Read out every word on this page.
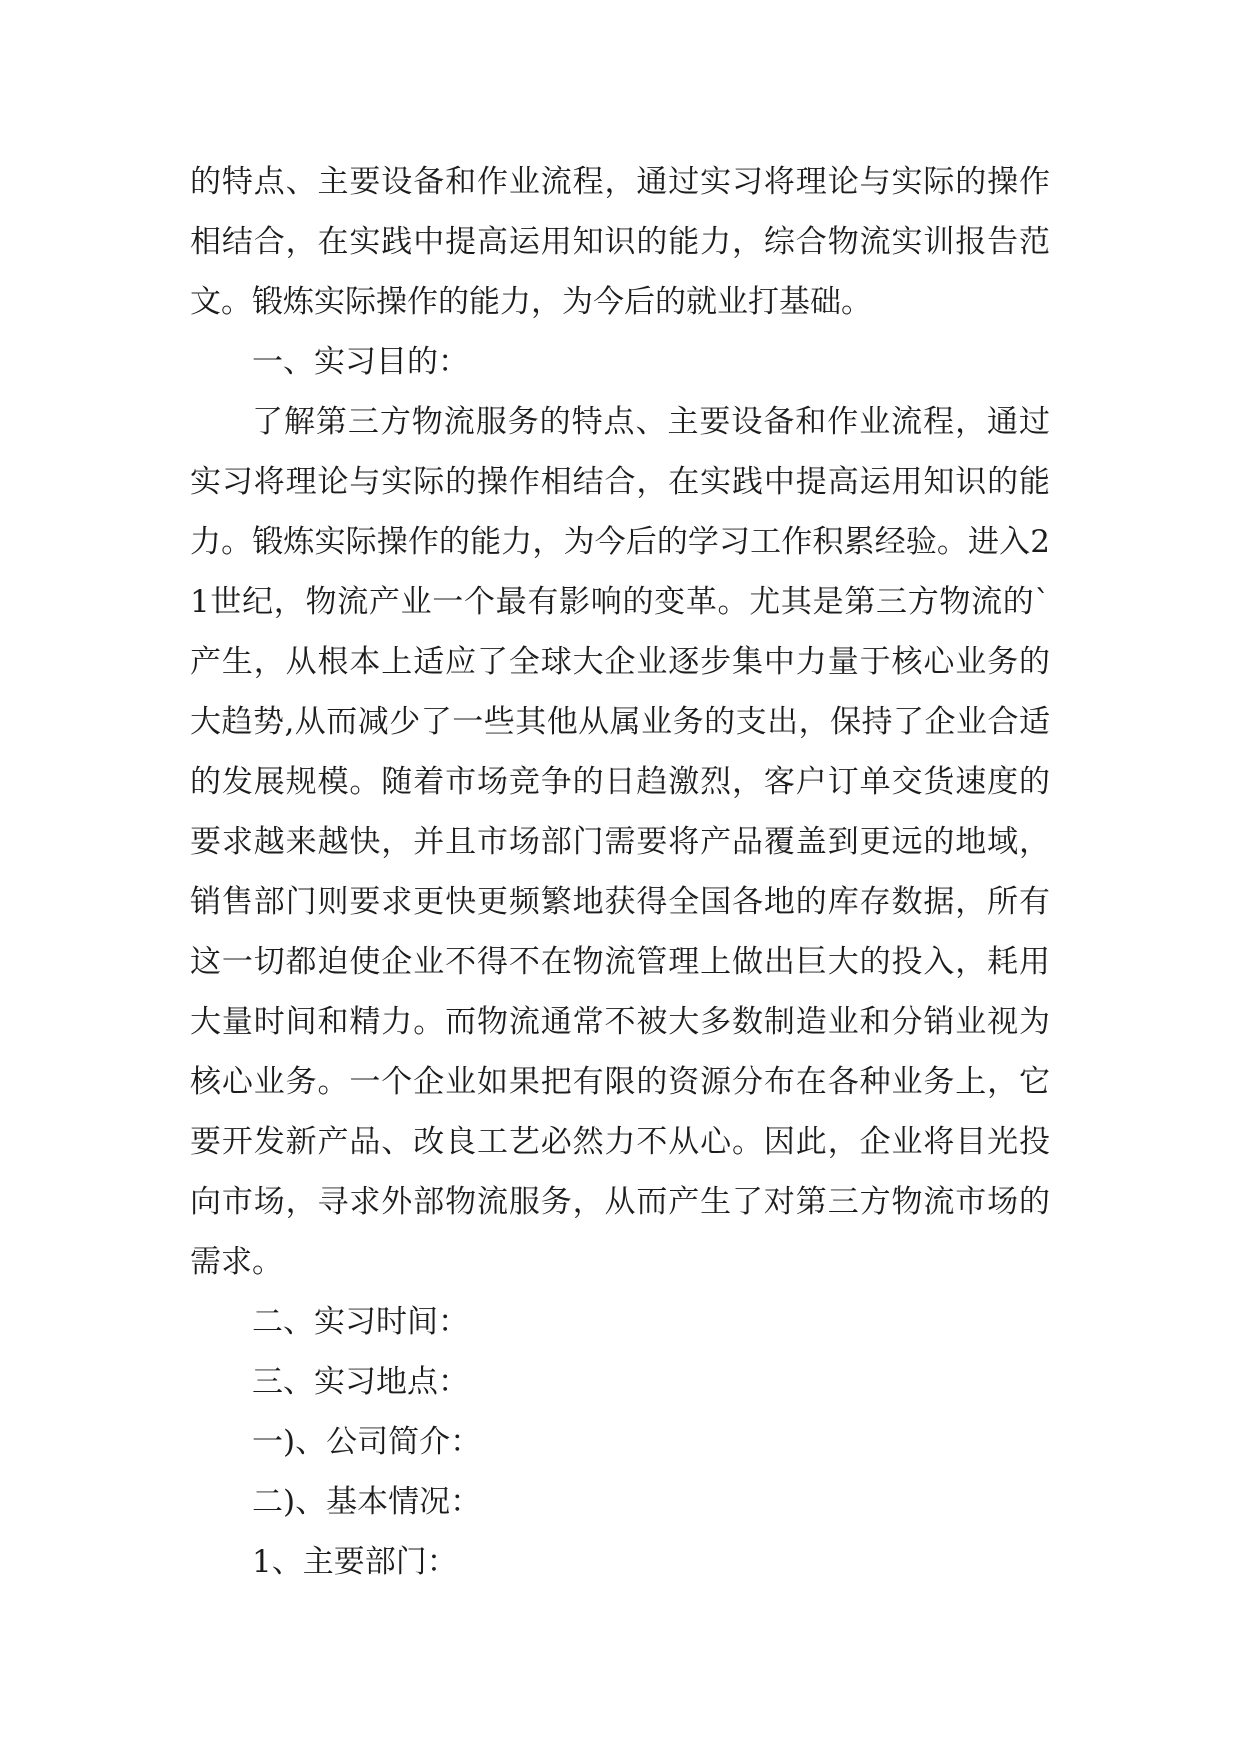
的特点、主要设备和作业流程，通过实习将理论与实际的操作相结合，在实践中提高运用知识的能力，综合物流实训报告范文。锻炼实际操作的能力，为今后的就业打基础。

一、实习目的：

了解第三方物流服务的特点、主要设备和作业流程，通过实习将理论与实际的操作相结合，在实践中提高运用知识的能力。锻炼实际操作的能力，为今后的学习工作积累经验。进入21世纪，物流产业一个最有影响的变革。尤其是第三方物流的`产生，从根本上适应了全球大企业逐步集中力量于核心业务的大趋势,从而减少了一些其他从属业务的支出，保持了企业合适的发展规模。随着市场竞争的日趋激烈，客户订单交货速度的要求越来越快，并且市场部门需要将产品覆盖到更远的地域，销售部门则要求更快更频繁地获得全国各地的库存数据，所有这一切都迫使企业不得不在物流管理上做出巨大的投入，耗用大量时间和精力。而物流通常不被大多数制造业和分销业视为核心业务。一个企业如果把有限的资源分布在各种业务上，它要开发新产品、改良工艺必然力不从心。因此，企业将目光投向市场，寻求外部物流服务，从而产生了对第三方物流市场的需求。

二、实习时间：

三、实习地点：

一)、公司简介：

二)、基本情况：

1、主要部门：
